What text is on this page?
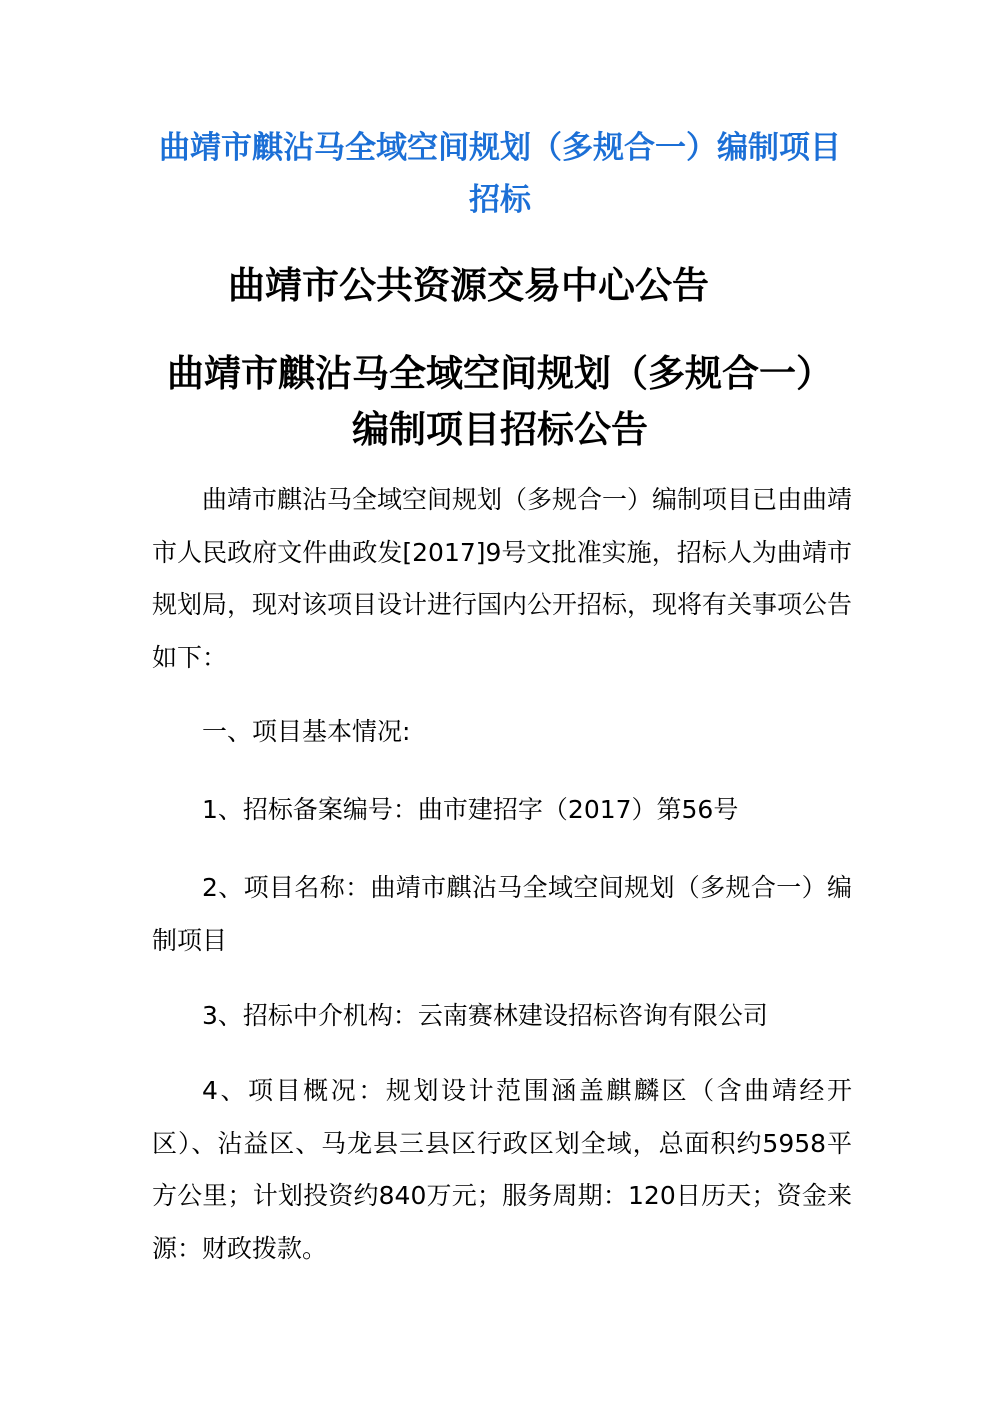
曲靖市麒沾马全域空间规划（多规合一）编制项目招标
曲靖市公共资源交易中心公告
曲靖市麒沾马全域空间规划（多规合一）编制项目招标公告
曲靖市麒沾马全域空间规划（多规合一）编制项目已由曲靖市人民政府文件曲政发[2017]9号文批准实施，招标人为曲靖市规划局，现对该项目设计进行国内公开招标，现将有关事项公告如下：
一、项目基本情况:
1、招标备案编号：曲市建招字（2017）第56号
2、项目名称：曲靖市麒沾马全域空间规划（多规合一）编制项目
3、招标中介机构：云南赛林建设招标咨询有限公司
4、项目概况：规划设计范围涵盖麒麟区（含曲靖经开区）、沾益区、马龙县三县区行政区划全域，总面积约5958平方公里；计划投资约840万元；服务周期：120日历天；资金来源：财政拨款。
